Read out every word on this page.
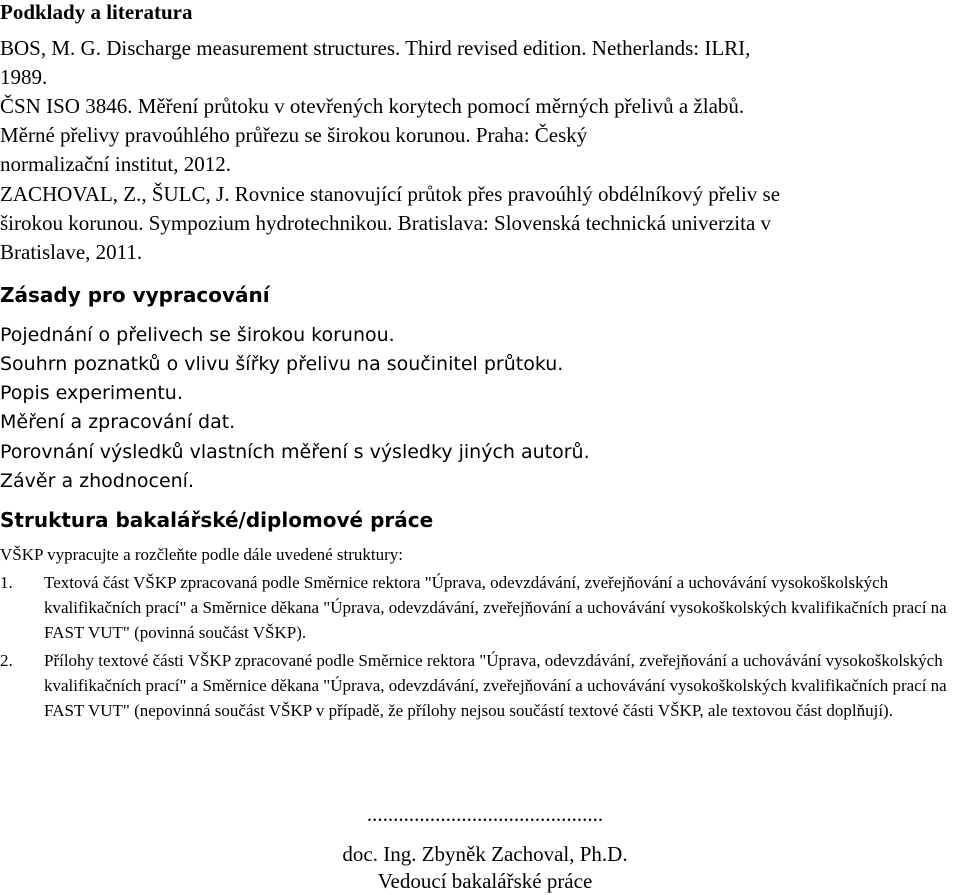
Podklady a literatura
BOS, M. G. Discharge measurement structures. Third revised edition. Netherlands: ILRI,
1989.
ČSN ISO 3846. Měření průtoku v otevřených korytech pomocí měrných přelivů a žlabů.
Měrné přelivy pravoúhlého průřezu se širokou korunou. Praha: Český
normalizační institut, 2012.
ZACHOVAL, Z., ŠULC, J. Rovnice stanovující průtok přes pravoúhlý obdélníkový přeliv se
širokou korunou. Sympozium hydrotechnikou. Bratislava: Slovenská technická univerzita v
Bratislave, 2011.
Zásady pro vypracování
Pojednání o přelivech se širokou korunou.
Souhrn poznatků o vlivu šířky přelivu na součinitel průtoku.
Popis experimentu.
Měření a zpracování dat.
Porovnání výsledků vlastních měření s výsledky jiných autorů.
Závěr a zhodnocení.
Struktura bakalářské/diplomové práce
VŠKP vypracujte a rozčleňte podle dále uvedené struktury:
1. Textová část VŠKP zpracovaná podle Směrnice rektora "Úprava, odevzdávání, zveřejňování a uchovávání vysokoškolských kvalifikačních prací" a Směrnice děkana "Úprava, odevzdávání, zveřejňování a uchovávání vysokoškolských kvalifikačních prací na FAST VUT" (povinná součást VŠKP).
2. Přílohy textové části VŠKP zpracované podle Směrnice rektora "Úprava, odevzdávání, zveřejňování a uchovávání vysokoškolských kvalifikačních prací" a Směrnice děkana "Úprava, odevzdávání, zveřejňování a uchovávání vysokoškolských kvalifikačních prací na FAST VUT" (nepovinná součást VŠKP v případě, že přílohy nejsou součástí textové části VŠKP, ale textovou část doplňují).
.............................................
doc. Ing. Zbyněk Zachoval, Ph.D.
Vedoucí bakalářské práce
